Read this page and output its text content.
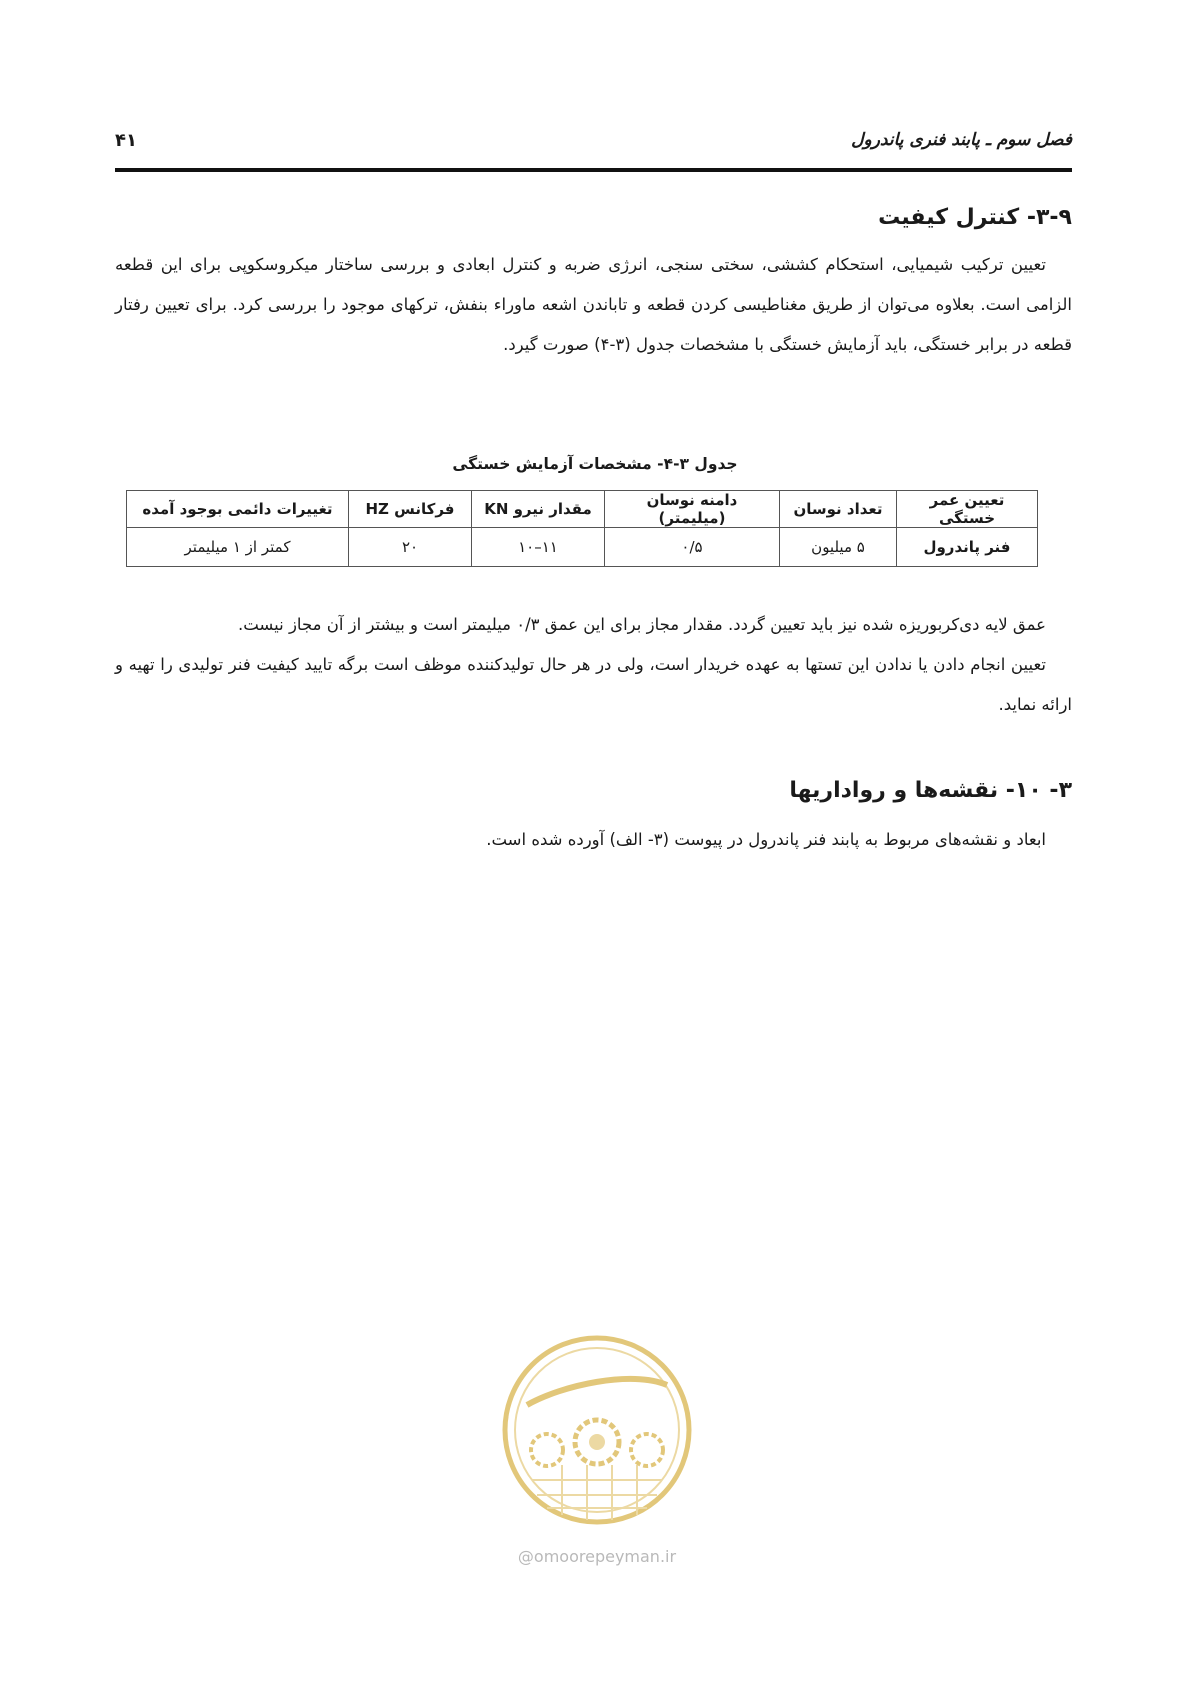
فصل سوم ـ پابند فنری پاندرول
۴۱
۳-۹- کنترل کیفیت
تعیین ترکیب شیمیایی، استحکام کششی، سختی سنجی، انرژی ضربه و کنترل ابعادی و بررسی ساختار میکروسکوپی برای این قطعه الزامی است. بعلاوه می‌توان از طریق مغناطیسی کردن قطعه و تاباندن اشعه ماوراء بنفش، ترکهای موجود را بررسی کرد. برای تعیین رفتار قطعه در برابر خستگی، باید آزمایش خستگی با مشخصات جدول (۳-۴) صورت گیرد.
جدول ۳-۴- مشخصات آزمایش خستگی
تعیین عمر خستگی	تعداد نوسان	دامنه نوسان (میلیمتر)	مقدار نیرو KN	فرکانس HZ	تغییرات دائمی بوجود آمده
فنر پاندرول	۵ میلیون	۰/۵	۱۱–۱۰	۲۰	کمتر از ۱ میلیمتر
عمق لایه دی‌کربوریزه شده نیز باید تعیین گردد. مقدار مجاز برای این عمق ۰/۳ میلیمتر است و بیشتر از آن مجاز نیست.
تعیین انجام دادن یا ندادن این تستها به عهده خریدار است، ولی در هر حال تولیدکننده موظف است برگه تایید کیفیت فنر تولیدی را تهیه و ارائه نماید.
۳- ۱۰- نقشه‌ها و رواداریها
ابعاد و نقشه‌های مربوط به پابند فنر پاندرول در پیوست (۳- الف) آورده شده است.
@omoorepeyman.ir
